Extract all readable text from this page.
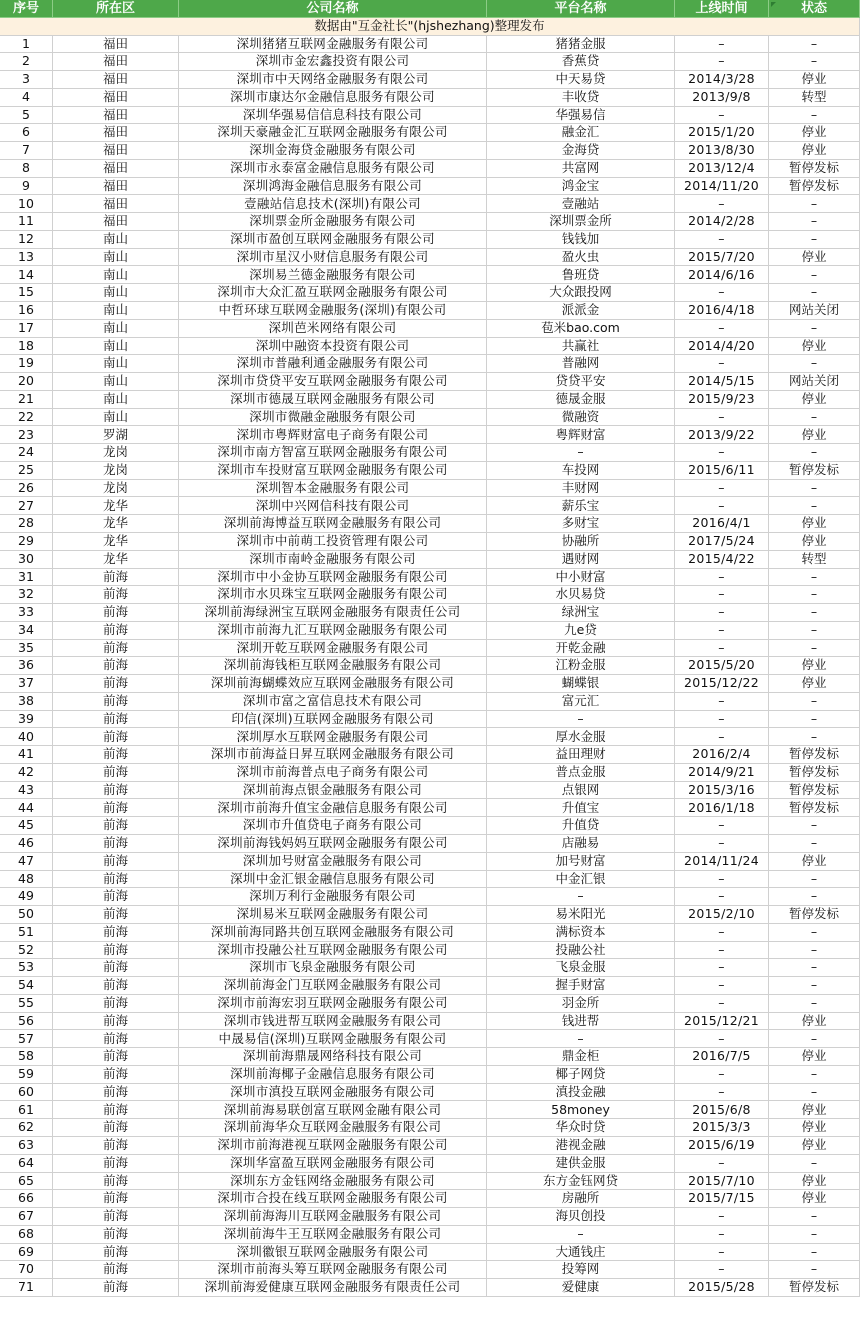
序号	所在区	公司名称	平台名称	上线时间	状态
数据由"互金社长"(hjshezhang)整理发布
1	福田	深圳猪猪互联网金融服务有限公司	猪猪金服	–	–
2	福田	深圳市金宏鑫投资有限公司	香蕉贷	–	–
3	福田	深圳市中天网络金融服务有限公司	中天易贷	2014/3/28	停业
4	福田	深圳市康达尔金融信息服务有限公司	丰收贷	2013/9/8	转型
5	福田	深圳华强易信信息科技有限公司	华强易信	–	–
6	福田	深圳天豪融金汇互联网金融服务有限公司	融金汇	2015/1/20	停业
7	福田	深圳金海贷金融服务有限公司	金海贷	2013/8/30	停业
8	福田	深圳市永泰富金融信息服务有限公司	共富网	2013/12/4	暂停发标
9	福田	深圳鸿海金融信息服务有限公司	鸿金宝	2014/11/20	暂停发标
10	福田	壹融站信息技术(深圳)有限公司	壹融站	–	–
11	福田	深圳票金所金融服务有限公司	深圳票金所	2014/2/28	–
12	南山	深圳市盈创互联网金融服务有限公司	钱钱加	–	–
13	南山	深圳市星汉小财信息服务有限公司	盈火虫	2015/7/20	停业
14	南山	深圳易兰德金融服务有限公司	鲁班贷	2014/6/16	–
15	南山	深圳市大众汇盈互联网金融服务有限公司	大众跟投网	–	–
16	南山	中哲环球互联网金融服务(深圳)有限公司	派派金	2016/4/18	网站关闭
17	南山	深圳芭米网络有限公司	苞米bao.com	–	–
18	南山	深圳中融资本投资有限公司	共赢社	2014/4/20	停业
19	南山	深圳市普融利通金融服务有限公司	普融网	–	–
20	南山	深圳市贷贷平安互联网金融服务有限公司	贷贷平安	2014/5/15	网站关闭
21	南山	深圳市德晟互联网金融服务有限公司	德晟金服	2015/9/23	停业
22	南山	深圳市微融金融服务有限公司	微融资	–	–
23	罗湖	深圳市粤辉财富电子商务有限公司	粤辉财富	2013/9/22	停业
24	龙岗	深圳市南方智富互联网金融服务有限公司	–	–	–
25	龙岗	深圳市车投财富互联网金融服务有限公司	车投网	2015/6/11	暂停发标
26	龙岗	深圳智本金融服务有限公司	丰财网	–	–
27	龙华	深圳中兴网信科技有限公司	薪乐宝	–	–
28	龙华	深圳前海博益互联网金融服务有限公司	多财宝	2016/4/1	停业
29	龙华	深圳市中前萌工投资管理有限公司	协融所	2017/5/24	停业
30	龙华	深圳市南岭金融服务有限公司	遇财网	2015/4/22	转型
31	前海	深圳市中小金协互联网金融服务有限公司	中小财富	–	–
32	前海	深圳市水贝珠宝互联网金融服务有限公司	水贝易贷	–	–
33	前海	深圳前海绿洲宝互联网金融服务有限责任公司	绿洲宝	–	–
34	前海	深圳市前海九汇互联网金融服务有限公司	九e贷	–	–
35	前海	深圳开乾互联网金融服务有限公司	开乾金融	–	–
36	前海	深圳前海钱柜互联网金融服务有限公司	江粉金服	2015/5/20	停业
37	前海	深圳前海蝴蝶效应互联网金融服务有限公司	蝴蝶银	2015/12/22	停业
38	前海	深圳市富之富信息技术有限公司	富元汇	–	–
39	前海	印信(深圳)互联网金融服务有限公司	–	–	–
40	前海	深圳厚水互联网金融服务有限公司	厚水金服	–	–
41	前海	深圳市前海益日昇互联网金融服务有限公司	益田理财	2016/2/4	暂停发标
42	前海	深圳市前海普点电子商务有限公司	普点金服	2014/9/21	暂停发标
43	前海	深圳前海点银金融服务有限公司	点银网	2015/3/16	暂停发标
44	前海	深圳市前海升值宝金融信息服务有限公司	升值宝	2016/1/18	暂停发标
45	前海	深圳市升值贷电子商务有限公司	升值贷	–	–
46	前海	深圳前海钱妈妈互联网金融服务有限公司	店融易	–	–
47	前海	深圳加号财富金融服务有限公司	加号财富	2014/11/24	停业
48	前海	深圳中金汇银金融信息服务有限公司	中金汇银	–	–
49	前海	深圳万利行金融服务有限公司	–	–	–
50	前海	深圳易米互联网金融服务有限公司	易米阳光	2015/2/10	暂停发标
51	前海	深圳前海同路共创互联网金融服务有限公司	满标资本	–	–
52	前海	深圳市投融公社互联网金融服务有限公司	投融公社	–	–
53	前海	深圳市飞泉金融服务有限公司	飞泉金服	–	–
54	前海	深圳前海金门互联网金融服务有限公司	握手财富	–	–
55	前海	深圳市前海宏羽互联网金融服务有限公司	羽金所	–	–
56	前海	深圳市钱进帮互联网金融服务有限公司	钱进帮	2015/12/21	停业
57	前海	中晟易信(深圳)互联网金融服务有限公司	–	–	–
58	前海	深圳前海鼎晟网络科技有限公司	鼎金柜	2016/7/5	停业
59	前海	深圳前海椰子金融信息服务有限公司	椰子网贷	–	–
60	前海	深圳市滇投互联网金融服务有限公司	滇投金融	–	–
61	前海	深圳前海易联创富互联网金融有限公司	58money	2015/6/8	停业
62	前海	深圳前海华众互联网金融服务有限公司	华众时贷	2015/3/3	停业
63	前海	深圳市前海港视互联网金融服务有限公司	港视金融	2015/6/19	停业
64	前海	深圳华富盈互联网金融服务有限公司	建供金服	–	–
65	前海	深圳东方金钰网络金融服务有限公司	东方金钰网贷	2015/7/10	停业
66	前海	深圳市合投在线互联网金融服务有限公司	房融所	2015/7/15	停业
67	前海	深圳前海海川互联网金融服务有限公司	海贝创投	–	–
68	前海	深圳前海牛王互联网金融服务有限公司	–	–	–
69	前海	深圳徽银互联网金融服务有限公司	大通钱庄	–	–
70	前海	深圳市前海头筹互联网金融服务有限公司	投筹网	–	–
71	前海	深圳前海爱健康互联网金融服务有限责任公司	爱健康	2015/5/28	暂停发标
